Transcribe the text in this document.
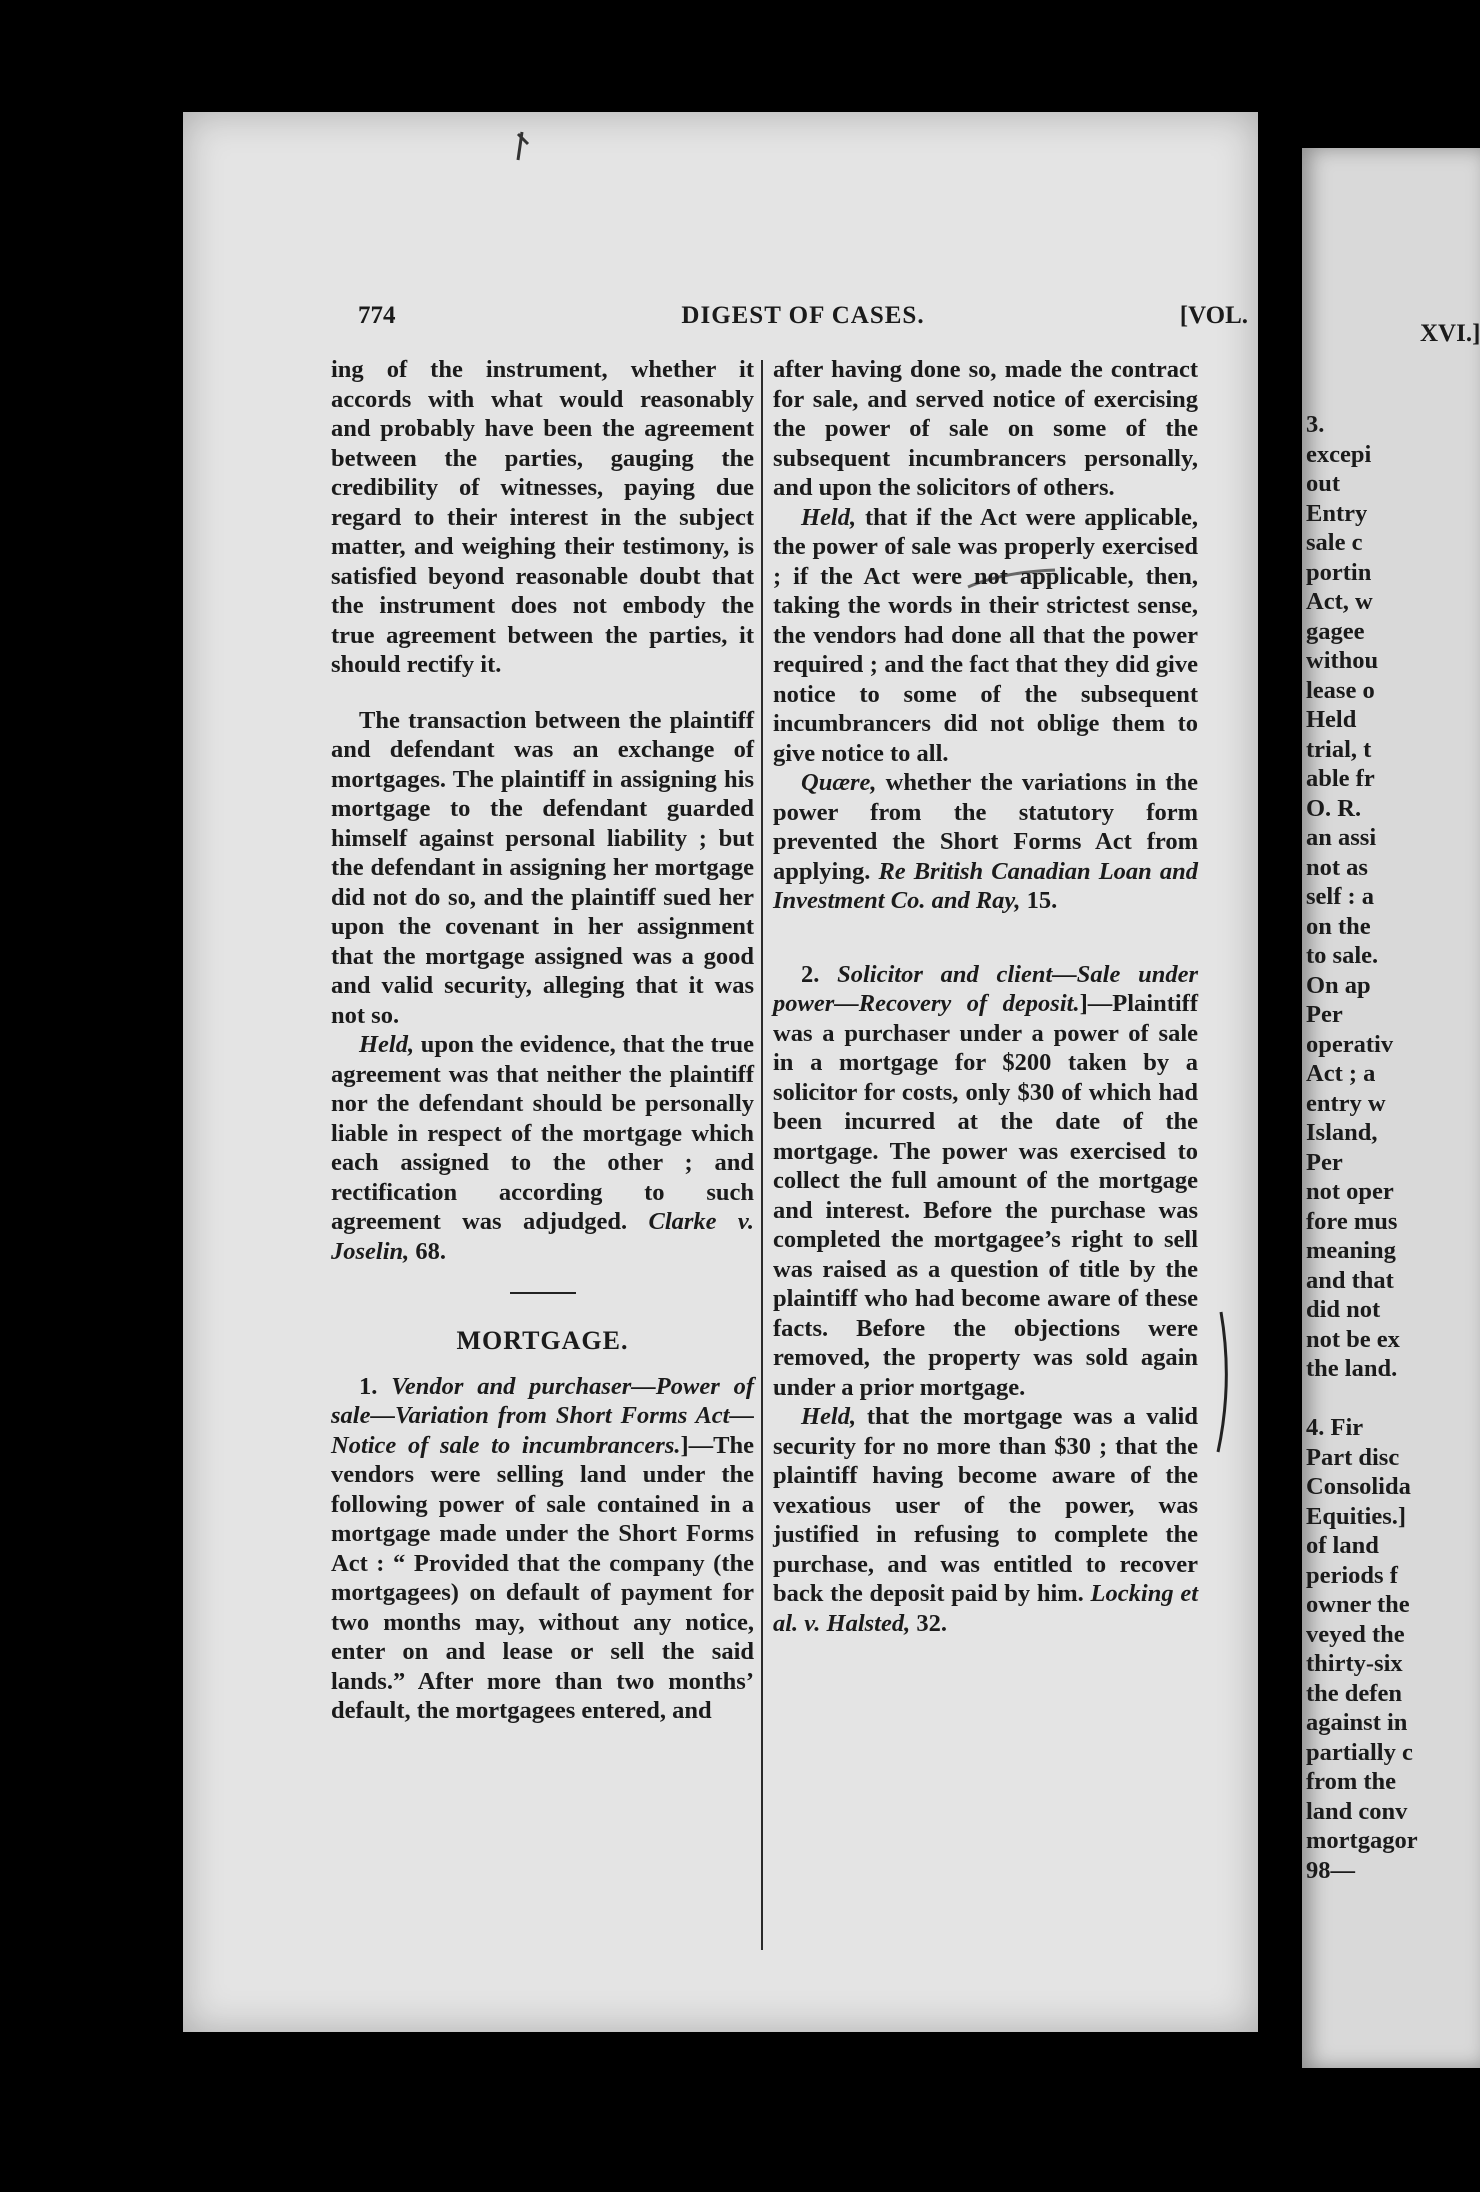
774	DIGEST OF CASES.	[VOL.

ing of the instrument, whether it accords with what would reasonably and probably have been the agreement between the parties, gauging the credibility of witnesses, paying due regard to their interest in the subject matter, and weighing their testimony, is satisfied beyond reasonable doubt that the instrument does not embody the true agreement between the parties, it should rectify it.

The transaction between the plaintiff and defendant was an exchange of mortgages. The plaintiff in assigning his mortgage to the defendant guarded himself against personal liability ; but the defendant in assigning her mortgage did not do so, and the plaintiff sued her upon the covenant in her assignment that the mortgage assigned was a good and valid security, alleging that it was not so.

Held, upon the evidence, that the true agreement was that neither the plaintiff nor the defendant should be personally liable in respect of the mortgage which each assigned to the other ; and rectification according to such agreement was adjudged. Clarke v. Joselin, 68.

MORTGAGE.

1. Vendor and purchaser—Power of sale—Variation from Short Forms Act—Notice of sale to incumbrancers.]—The vendors were selling land under the following power of sale contained in a mortgage made under the Short Forms Act : “ Provided that the company (the mortgagees) on default of payment for two months may, without any notice, enter on and lease or sell the said lands.” After more than two months’ default, the mortgagees entered, and

after having done so, made the contract for sale, and served notice of exercising the power of sale on some of the subsequent incumbrancers personally, and upon the solicitors of others.

Held, that if the Act were applicable, the power of sale was properly exercised ; if the Act were not applicable, then, taking the words in their strictest sense, the vendors had done all that the power required ; and the fact that they did give notice to some of the subsequent incumbrancers did not oblige them to give notice to all.

Quære, whether the variations in the power from the statutory form prevented the Short Forms Act from applying. Re British Canadian Loan and Investment Co. and Ray, 15.

2. Solicitor and client—Sale under power—Recovery of deposit.]—Plaintiff was a purchaser under a power of sale in a mortgage for $200 taken by a solicitor for costs, only $30 of which had been incurred at the date of the mortgage. The power was exercised to collect the full amount of the mortgage and interest. Before the purchase was completed the mortgagee’s right to sell was raised as a question of title by the plaintiff who had become aware of these facts. Before the objections were removed, the property was sold again under a prior mortgage.

Held, that the mortgage was a valid security for no more than $30 ; that the plaintiff having become aware of the vexatious user of the power, was justified in refusing to complete the purchase, and was entitled to recover back the deposit paid by him. Locking et al. v. Halsted, 32.

XVI.]
3.
excepi
out
Entry
sale c
portin
Act, w
gagee
withou
lease o
Held
trial, t
able fr
O. R.
an assi
not as
self : a
on the
to sale.
On ap
Per
operativ
Act ; a
entry w
Island,
Per
not oper
fore mus
meaning
and that
did not
not be ex
the land.
4. Fir
Part disc
Consolida
Equities.]
of land
periods f
owner the
veyed the
thirty-six
the defen
against in
partially c
from the
land conv
mortgagor
98—
